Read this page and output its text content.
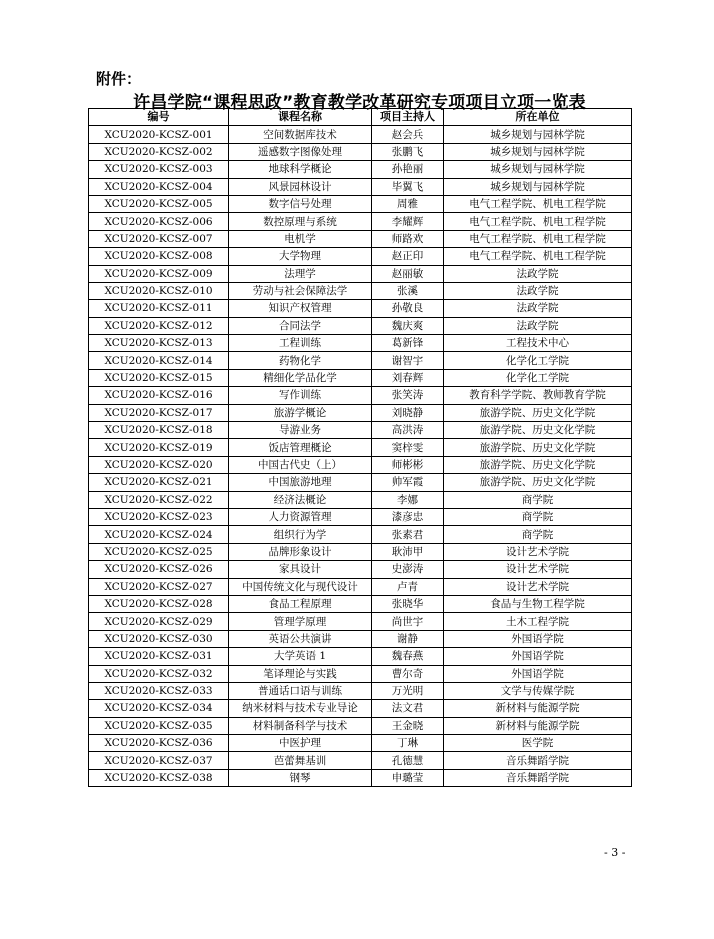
附件：
许昌学院“课程思政”教育教学改革研究专项项目立项一览表
编号	课程名称	项目主持人	所在单位
XCU2020-KCSZ-001	空间数据库技术	赵会兵	城乡规划与园林学院
XCU2020-KCSZ-002	遥感数字图像处理	张鹏飞	城乡规划与园林学院
XCU2020-KCSZ-003	地球科学概论	孙艳丽	城乡规划与园林学院
XCU2020-KCSZ-004	风景园林设计	毕翼飞	城乡规划与园林学院
XCU2020-KCSZ-005	数字信号处理	周雅	电气工程学院、机电工程学院
XCU2020-KCSZ-006	数控原理与系统	李耀辉	电气工程学院、机电工程学院
XCU2020-KCSZ-007	电机学	师路欢	电气工程学院、机电工程学院
XCU2020-KCSZ-008	大学物理	赵正印	电气工程学院、机电工程学院
XCU2020-KCSZ-009	法理学	赵丽敏	法政学院
XCU2020-KCSZ-010	劳动与社会保障法学	张溪	法政学院
XCU2020-KCSZ-011	知识产权管理	孙敬良	法政学院
XCU2020-KCSZ-012	合同法学	魏庆爽	法政学院
XCU2020-KCSZ-013	工程训练	葛新锋	工程技术中心
XCU2020-KCSZ-014	药物化学	谢智宇	化学化工学院
XCU2020-KCSZ-015	精细化学品化学	刘春辉	化学化工学院
XCU2020-KCSZ-016	写作训练	张笑涛	教育科学学院、教师教育学院
XCU2020-KCSZ-017	旅游学概论	刘晓静	旅游学院、历史文化学院
XCU2020-KCSZ-018	导游业务	高洪涛	旅游学院、历史文化学院
XCU2020-KCSZ-019	饭店管理概论	窦梓雯	旅游学院、历史文化学院
XCU2020-KCSZ-020	中国古代史（上）	师彬彬	旅游学院、历史文化学院
XCU2020-KCSZ-021	中国旅游地理	帅军霞	旅游学院、历史文化学院
XCU2020-KCSZ-022	经济法概论	李娜	商学院
XCU2020-KCSZ-023	人力资源管理	漆彦忠	商学院
XCU2020-KCSZ-024	组织行为学	张素君	商学院
XCU2020-KCSZ-025	品牌形象设计	耿沛甲	设计艺术学院
XCU2020-KCSZ-026	家具设计	史澎涛	设计艺术学院
XCU2020-KCSZ-027	中国传统文化与现代设计	卢青	设计艺术学院
XCU2020-KCSZ-028	食品工程原理	张晓华	食品与生物工程学院
XCU2020-KCSZ-029	管理学原理	尚世宇	土木工程学院
XCU2020-KCSZ-030	英语公共演讲	谢静	外国语学院
XCU2020-KCSZ-031	大学英语 1	魏春燕	外国语学院
XCU2020-KCSZ-032	笔译理论与实践	曹尔奇	外国语学院
XCU2020-KCSZ-033	普通话口语与训练	万光明	文学与传媒学院
XCU2020-KCSZ-034	纳米材料与技术专业导论	法文君	新材料与能源学院
XCU2020-KCSZ-035	材料制备科学与技术	王金晓	新材料与能源学院
XCU2020-KCSZ-036	中医护理	丁琳	医学院
XCU2020-KCSZ-037	芭蕾舞基训	孔德慧	音乐舞蹈学院
XCU2020-KCSZ-038	钢琴	申璐莹	音乐舞蹈学院
- 3 -
